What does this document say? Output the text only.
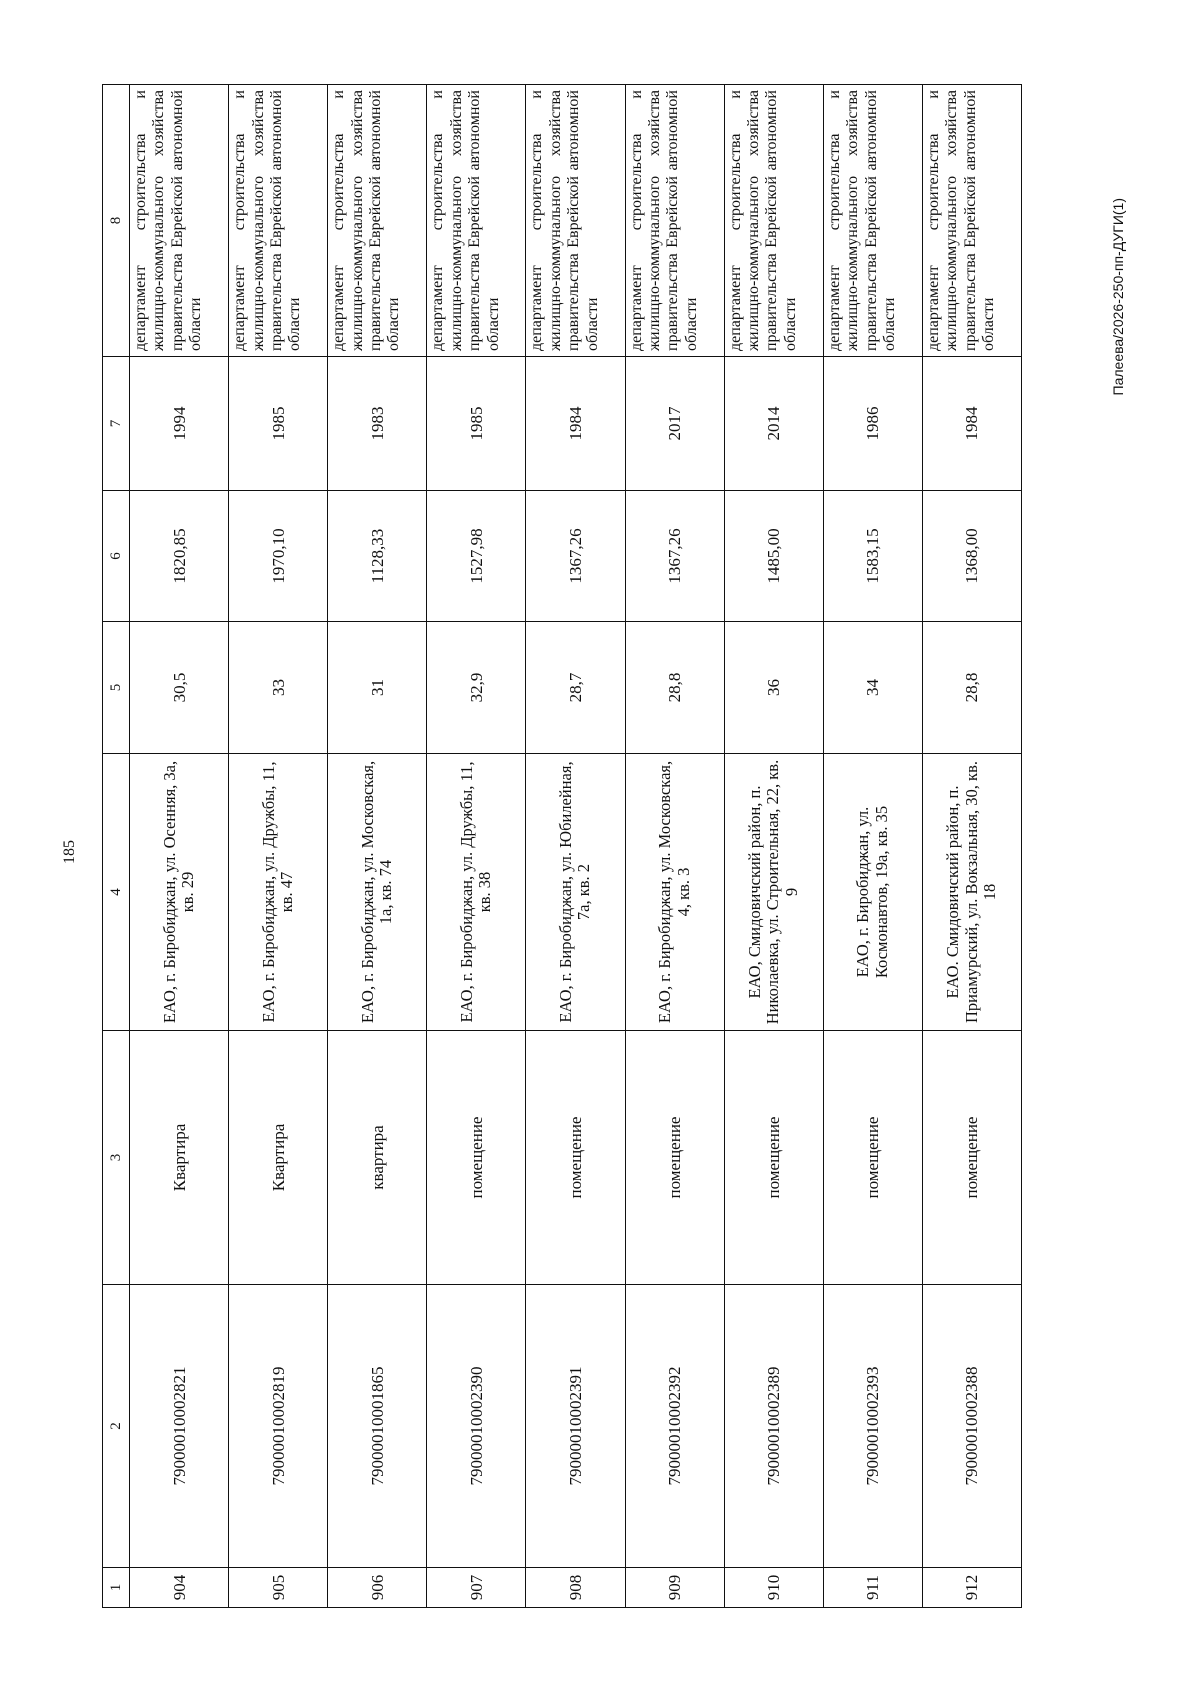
185
Палеева/2026-250-пп-ДУГИ(1)
1	2	3	4	5	6	7	8
904	79000010002821	Квартира	ЕАО, г. Биробиджан, ул. Осенняя, 3а, кв. 29	30,5	1820,85	1994	департамент строительства и жилищно-коммунального хозяйства правительства Еврейской автономной области
905	79000010002819	Квартира	ЕАО, г. Биробиджан, ул. Дружбы, 11, кв. 47	33	1970,10	1985	департамент строительства и жилищно-коммунального хозяйства правительства Еврейской автономной области
906	79000010001865	квартира	ЕАО, г. Биробиджан, ул. Московская, 1а, кв. 74	31	1128,33	1983	департамент строительства и жилищно-коммунального хозяйства правительства Еврейской автономной области
907	79000010002390	помещение	ЕАО, г. Биробиджан, ул. Дружбы, 11, кв. 38	32,9	1527,98	1985	департамент строительства и жилищно-коммунального хозяйства правительства Еврейской автономной области
908	79000010002391	помещение	ЕАО, г. Биробиджан, ул. Юбилейная, 7а, кв. 2	28,7	1367,26	1984	департамент строительства и жилищно-коммунального хозяйства правительства Еврейской автономной области
909	79000010002392	помещение	ЕАО, г. Биробиджан, ул. Московская, 4, кв. 3	28,8	1367,26	2017	департамент строительства и жилищно-коммунального хозяйства правительства Еврейской автономной области
910	79000010002389	помещение	ЕАО, Смидовичский район, п. Николаевка, ул. Строительная, 22, кв. 9	36	1485,00	2014	департамент строительства и жилищно-коммунального хозяйства правительства Еврейской автономной области
911	79000010002393	помещение	ЕАО, г. Биробиджан, ул. Космонавтов, 19а, кв. 35	34	1583,15	1986	департамент строительства и жилищно-коммунального хозяйства правительства Еврейской автономной области
912	79000010002388	помещение	ЕАО. Смидовичский район, п. Приамурский, ул. Вокзальная, 30, кв. 18	28,8	1368,00	1984	департамент строительства и жилищно-коммунального хозяйства правительства Еврейской автономной области
